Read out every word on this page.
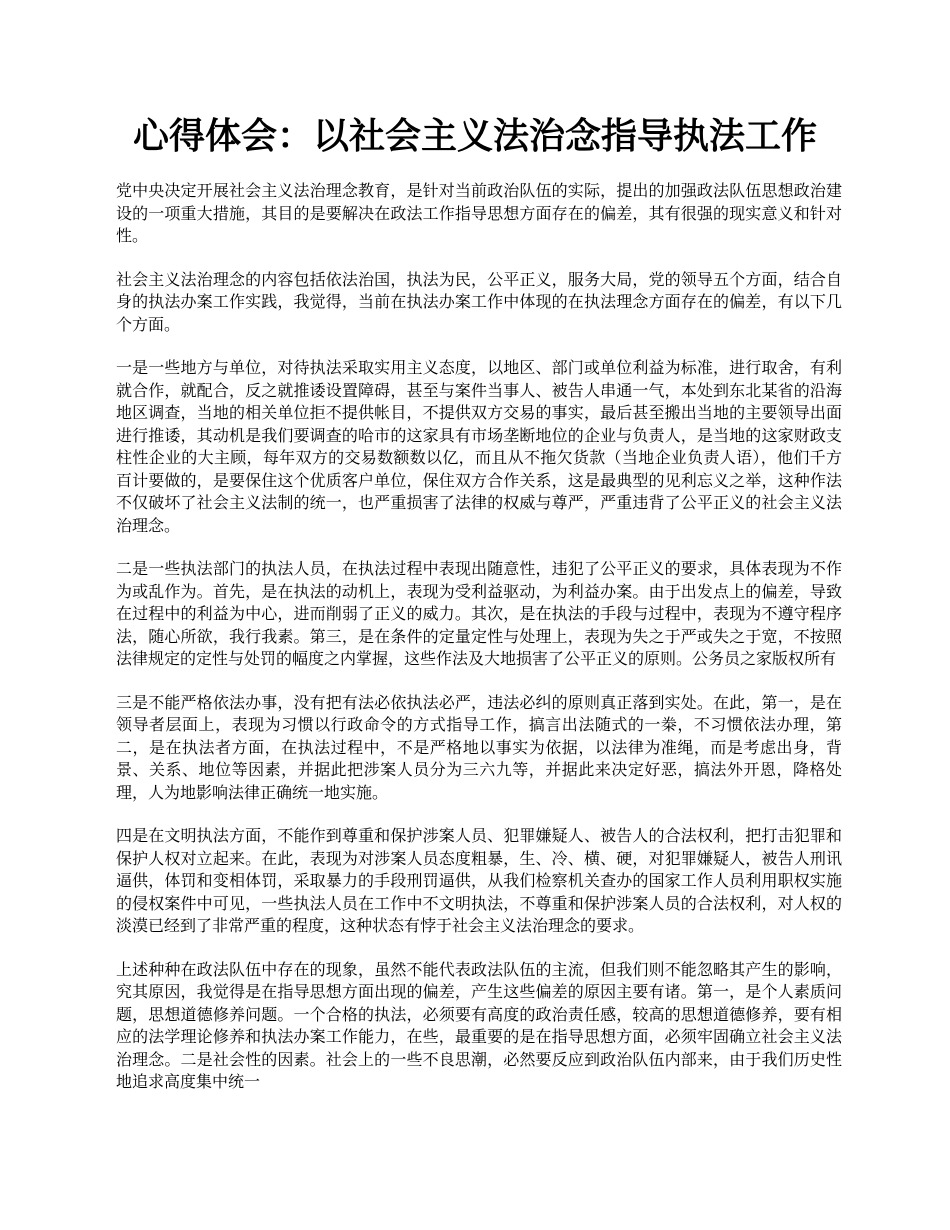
心得体会：以社会主义法治念指导执法工作

党中央决定开展社会主义法治理念教育，是针对当前政治队伍的实际，提出的加强政法队伍思想政治建设的一项重大措施，其目的是要解决在政法工作指导思想方面存在的偏差，其有很强的现实意义和针对性。

社会主义法治理念的内容包括依法治国，执法为民，公平正义，服务大局，党的领导五个方面，结合自身的执法办案工作实践，我觉得，当前在执法办案工作中体现的在执法理念方面存在的偏差，有以下几个方面。

一是一些地方与单位，对待执法采取实用主义态度，以地区、部门或单位利益为标准，进行取舍，有利就合作，就配合，反之就推诿设置障碍，甚至与案件当事人、被告人串通一气，本处到东北某省的沿海地区调查，当地的相关单位拒不提供帐目，不提供双方交易的事实，最后甚至搬出当地的主要领导出面进行推诿，其动机是我们要调查的哈市的这家具有市场垄断地位的企业与负责人，是当地的这家财政支柱性企业的大主顾，每年双方的交易数额数以亿，而且从不拖欠货款（当地企业负责人语），他们千方百计要做的，是要保住这个优质客户单位，保住双方合作关系，这是最典型的见利忘义之举，这种作法不仅破坏了社会主义法制的统一，也严重损害了法律的权威与尊严，严重违背了公平正义的社会主义法治理念。

二是一些执法部门的执法人员，在执法过程中表现出随意性，违犯了公平正义的要求，具体表现为不作为或乱作为。首先，是在执法的动机上，表现为受利益驱动，为利益办案。由于出发点上的偏差，导致在过程中的利益为中心，进而削弱了正义的威力。其次，是在执法的手段与过程中，表现为不遵守程序法，随心所欲，我行我素。第三，是在条件的定量定性与处理上，表现为失之于严或失之于宽，不按照法律规定的定性与处罚的幅度之内掌握，这些作法及大地损害了公平正义的原则。公务员之家版权所有

三是不能严格依法办事，没有把有法必依执法必严，违法必纠的原则真正落到实处。在此，第一，是在领导者层面上，表现为习惯以行政命令的方式指导工作，搞言出法随式的一桊，不习惯依法办理，第二，是在执法者方面，在执法过程中，不是严格地以事实为依据，以法律为准绳，而是考虑出身，背景、关系、地位等因素，并据此把涉案人员分为三六九等，并据此来决定好恶，搞法外开恩，降格处理，人为地影响法律正确统一地实施。

四是在文明执法方面，不能作到尊重和保护涉案人员、犯罪嫌疑人、被告人的合法权利，把打击犯罪和保护人权对立起来。在此，表现为对涉案人员态度粗暴，生、冷、横、硬，对犯罪嫌疑人，被告人刑讯逼供，体罚和变相体罚，采取暴力的手段刑罚逼供，从我们检察机关查办的国家工作人员利用职权实施的侵权案件中可见，一些执法人员在工作中不文明执法，不尊重和保护涉案人员的合法权利，对人权的淡漠已经到了非常严重的程度，这种状态有悖于社会主义法治理念的要求。

上述种种在政法队伍中存在的现象，虽然不能代表政法队伍的主流，但我们则不能忽略其产生的影响，究其原因，我觉得是在指导思想方面出现的偏差，产生这些偏差的原因主要有诸。第一，是个人素质问题，思想道德修养问题。一个合格的执法，必须要有高度的政治责任感，较高的思想道德修养，要有相应的法学理论修养和执法办案工作能力，在些，最重要的是在指导思想方面，必须牢固确立社会主义法治理念。二是社会性的因素。社会上的一些不良思潮，必然要反应到政治队伍内部来，由于我们历史性地追求高度集中统一
